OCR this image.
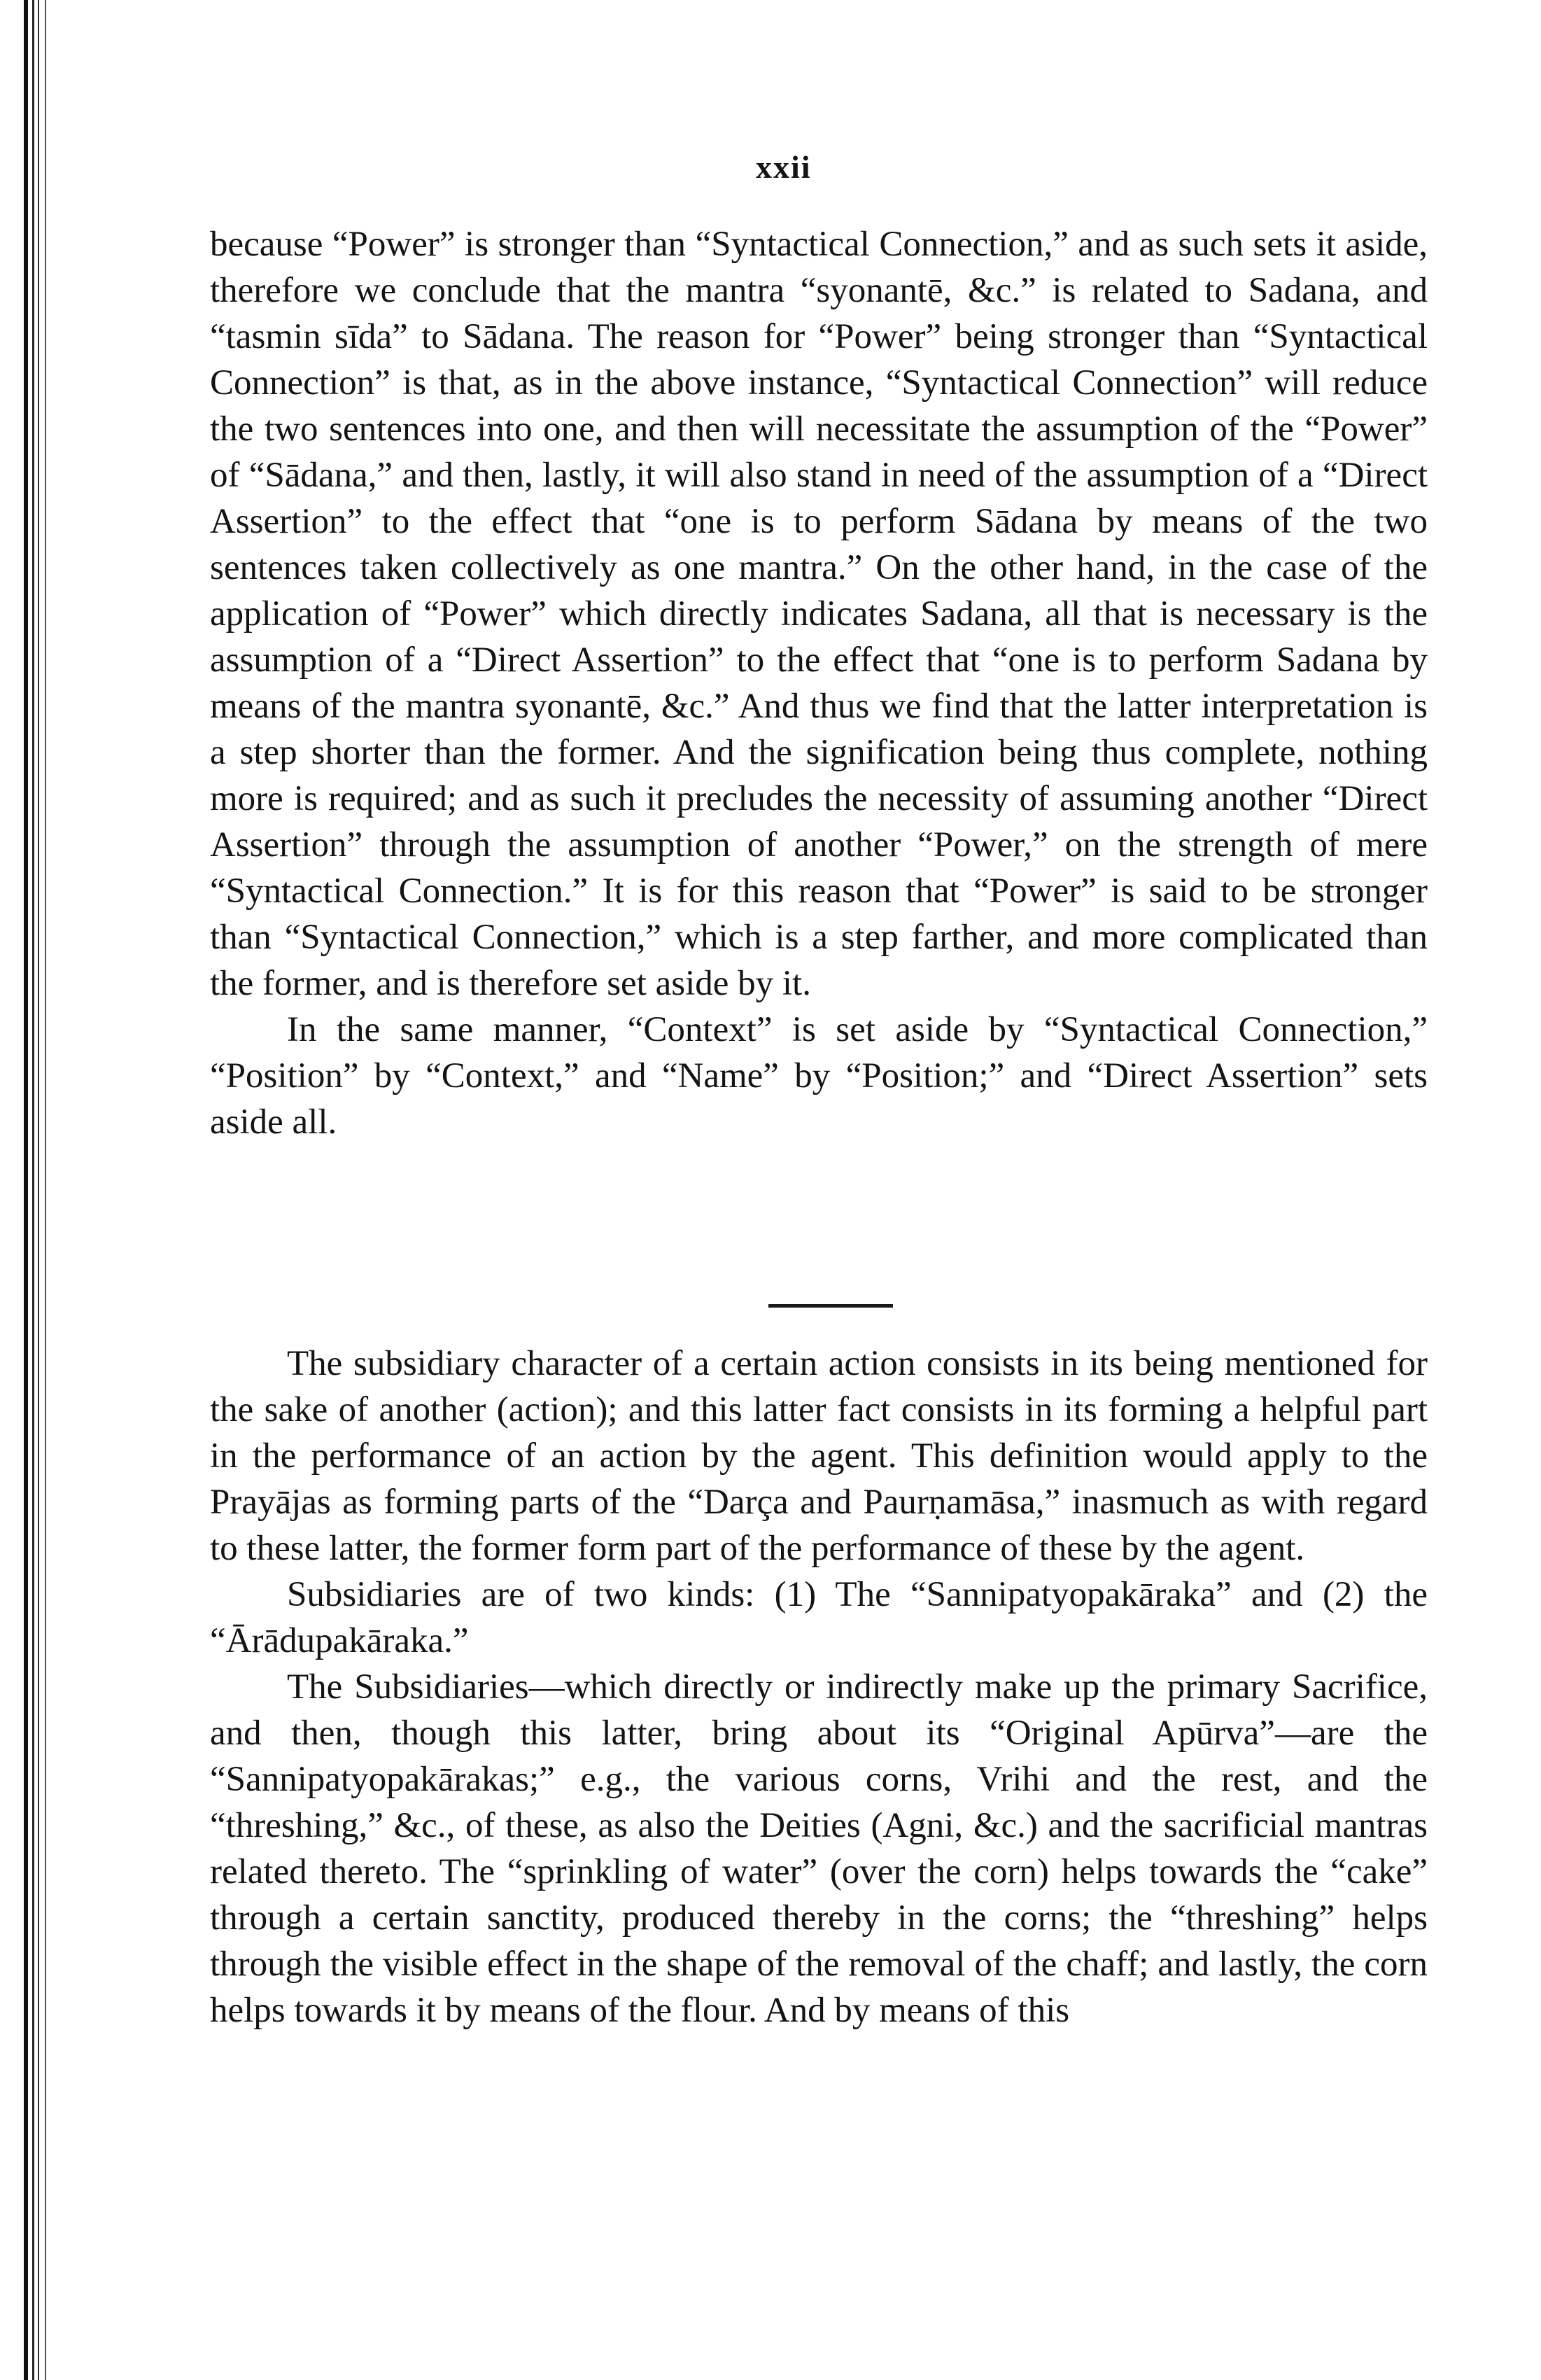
xxii

because “Power” is stronger than “Syntactical Connection,” and as such sets it aside, therefore we conclude that the mantra “syonantē, &c.” is related to Sadana, and “tasmin sīda” to Sādana. The reason for “Power” being stronger than “Syntactical Connection” is that, as in the above instance, “Syntactical Connection” will reduce the two sentences into one, and then will necessitate the assumption of the “Power” of “Sādana,” and then, lastly, it will also stand in need of the assumption of a “Direct Assertion” to the effect that “one is to perform Sādana by means of the two sentences taken collectively as one mantra.” On the other hand, in the case of the application of “Power” which directly indicates Sadana, all that is necessary is the assumption of a “Direct Assertion” to the effect that “one is to perform Sadana by means of the mantra syonantē, &c.” And thus we find that the latter interpretation is a step shorter than the former. And the signification being thus complete, nothing more is required; and as such it precludes the necessity of assuming another “Direct Assertion” through the assumption of another “Power,” on the strength of mere “Syntactical Connection.” It is for this reason that “Power” is said to be stronger than “Syntactical Connection,” which is a step farther, and more complicated than the former, and is therefore set aside by it.

In the same manner, “Context” is set aside by “Syntactical Connection,” “Position” by “Context,” and “Name” by “Position;” and “Direct Assertion” sets aside all.

The subsidiary character of a certain action consists in its being mentioned for the sake of another (action); and this latter fact consists in its forming a helpful part in the performance of an action by the agent. This definition would apply to the Prayājas as forming parts of the “Darça and Paurṇamāsa,” inasmuch as with regard to these latter, the former form part of the performance of these by the agent.

Subsidiaries are of two kinds: (1) The “Sannipatyopakāraka” and (2) the “Ārādupakāraka.”

The Subsidiaries—which directly or indirectly make up the primary Sacrifice, and then, though this latter, bring about its “Original Apūrva”—are the “Sannipatyopakārakas;” e.g., the various corns, Vrihi and the rest, and the “threshing,” &c., of these, as also the Deities (Agni, &c.) and the sacrificial mantras related thereto. The “sprinkling of water” (over the corn) helps towards the “cake” through a certain sanctity, produced thereby in the corns; the “threshing” helps through the visible effect in the shape of the removal of the chaff; and lastly, the corn helps towards it by means of the flour. And by means of this
